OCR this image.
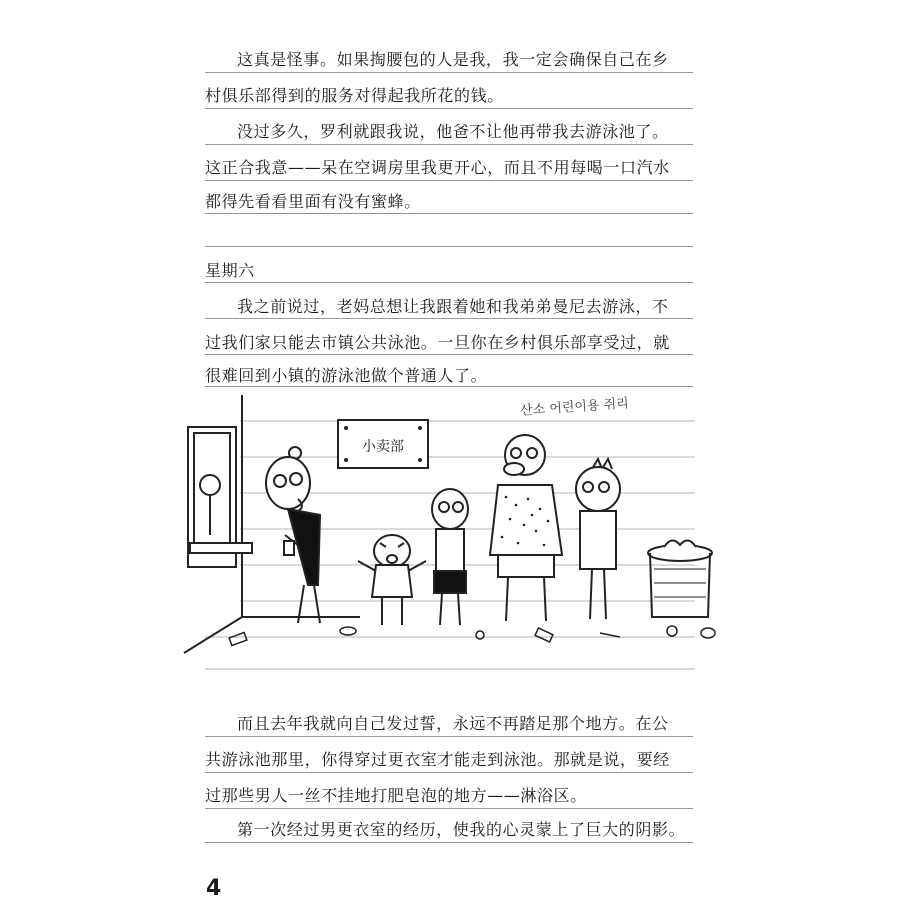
这真是怪事。如果掏腰包的人是我，我一定会确保自己在乡
村俱乐部得到的服务对得起我所花的钱。
没过多久，罗利就跟我说，他爸不让他再带我去游泳池了。
这正合我意——呆在空调房里我更开心，而且不用每喝一口汽水
都得先看看里面有没有蜜蜂。
星期六
我之前说过，老妈总想让我跟着她和我弟弟曼尼去游泳，不
过我们家只能去市镇公共泳池。一旦你在乡村俱乐部享受过，就
很难回到小镇的游泳池做个普通人了。
小卖部
산소 어린이용 쥐리
而且去年我就向自己发过誓，永远不再踏足那个地方。在公
共游泳池那里，你得穿过更衣室才能走到泳池。那就是说，要经
过那些男人一丝不挂地打肥皂泡的地方——淋浴区。
第一次经过男更衣室的经历，使我的心灵蒙上了巨大的阴影。
4
